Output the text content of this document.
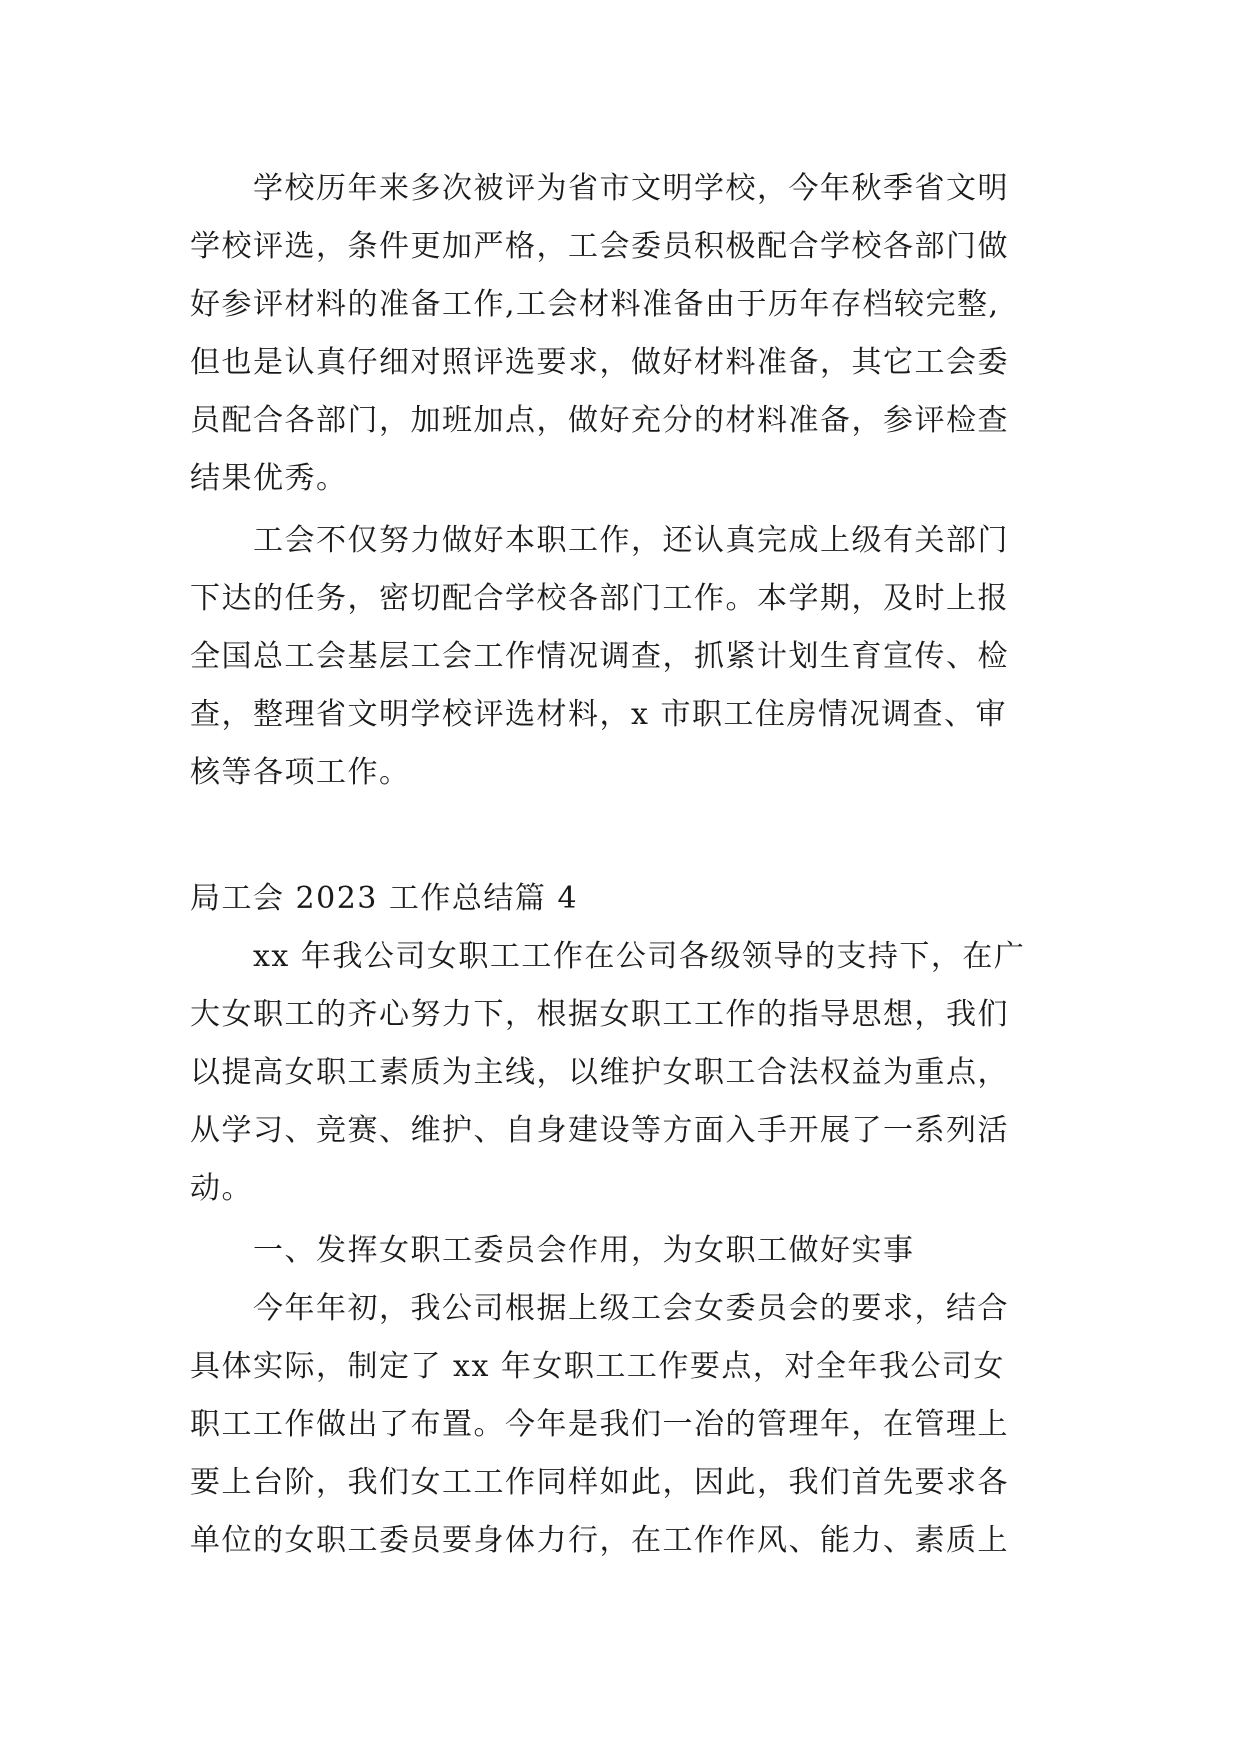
　　学校历年来多次被评为省市文明学校，今年秋季省文明
学校评选，条件更加严格，工会委员积极配合学校各部门做
好参评材料的准备工作,工会材料准备由于历年存档较完整,
但也是认真仔细对照评选要求，做好材料准备，其它工会委
员配合各部门，加班加点，做好充分的材料准备，参评检查
结果优秀。
　　工会不仅努力做好本职工作，还认真完成上级有关部门
下达的任务，密切配合学校各部门工作。本学期，及时上报
全国总工会基层工会工作情况调查，抓紧计划生育宣传、检
查，整理省文明学校评选材料，x 市职工住房情况调查、审
核等各项工作。
局工会 2023 工作总结篇 4
　　xx 年我公司女职工工作在公司各级领导的支持下，在广
大女职工的齐心努力下，根据女职工工作的指导思想，我们
以提高女职工素质为主线，以维护女职工合法权益为重点，
从学习、竞赛、维护、自身建设等方面入手开展了一系列活
动。
　　一、发挥女职工委员会作用，为女职工做好实事
　　今年年初，我公司根据上级工会女委员会的要求，结合
具体实际，制定了 xx 年女职工工作要点，对全年我公司女
职工工作做出了布置。今年是我们一冶的管理年，在管理上
要上台阶，我们女工工作同样如此，因此，我们首先要求各
单位的女职工委员要身体力行，在工作作风、能力、素质上
